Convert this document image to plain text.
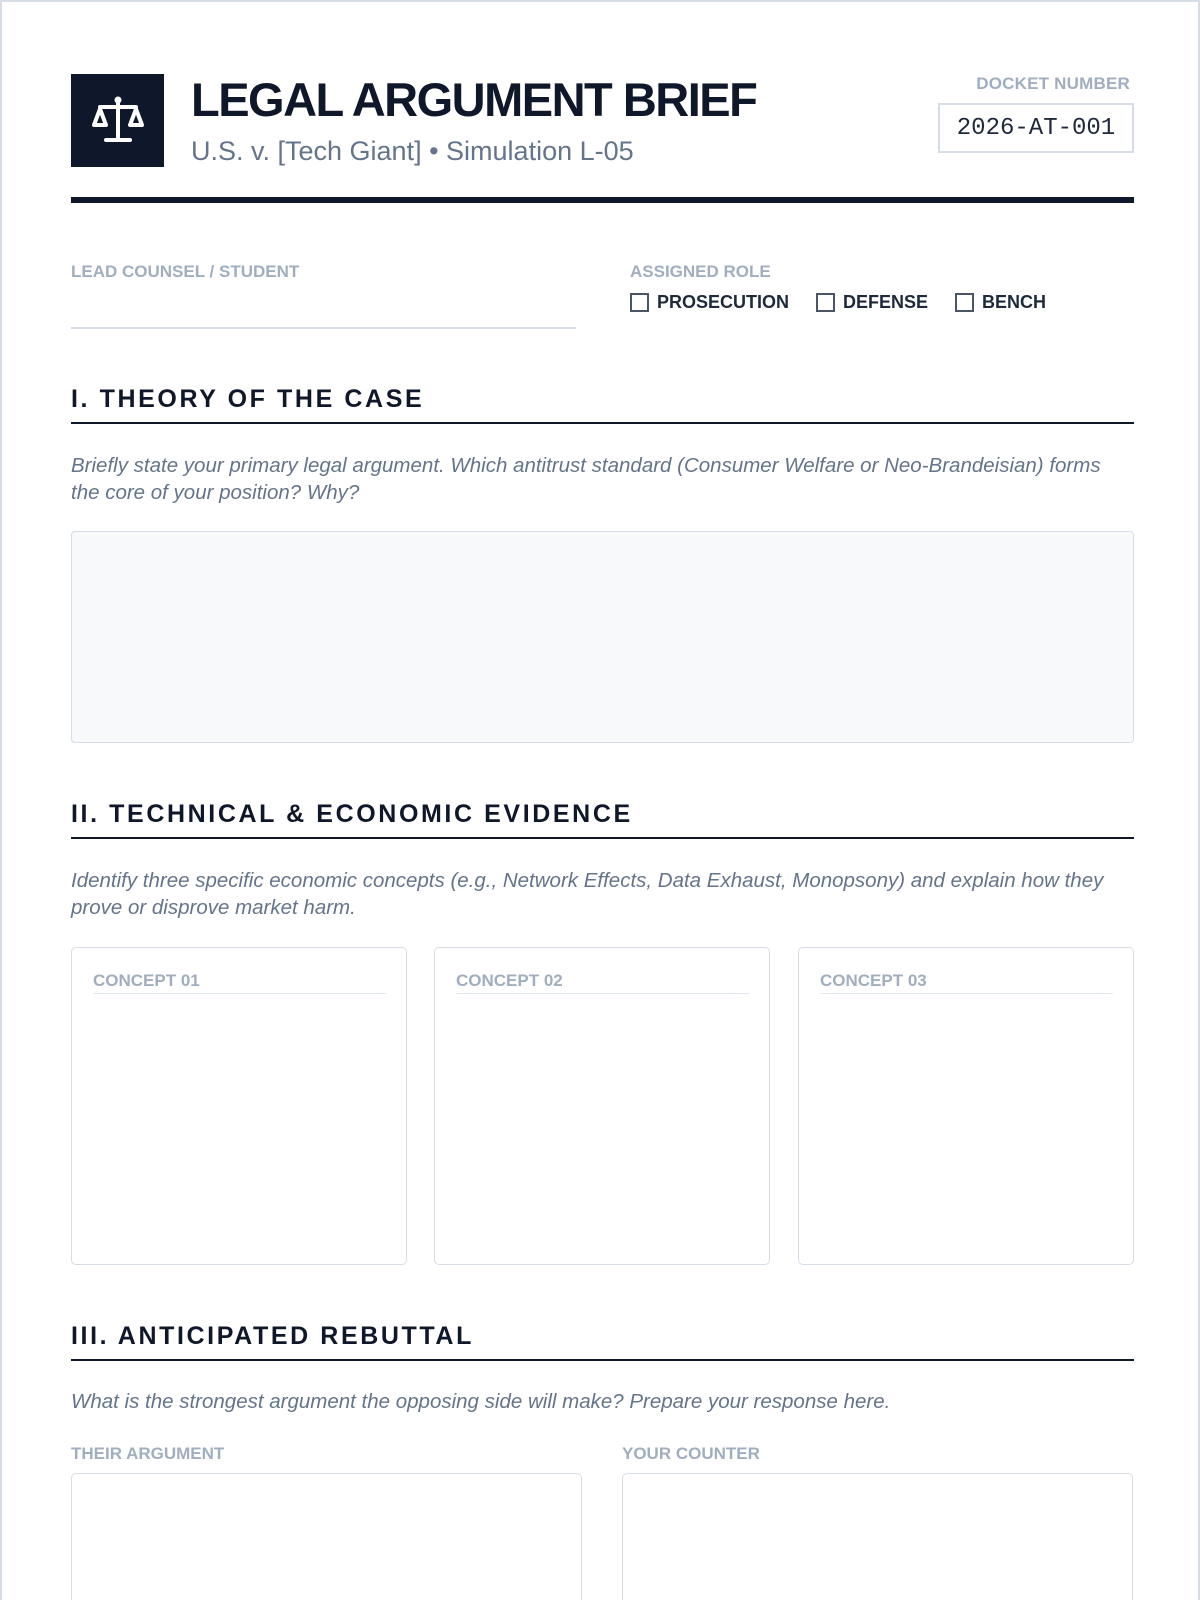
LEGAL ARGUMENT BRIEF
U.S. v. [Tech Giant] • Simulation L-05
DOCKET NUMBER
2026-AT-001
LEAD COUNSEL / STUDENT	ASSIGNED ROLE
PROSECUTION	DEFENSE	BENCH
I. THEORY OF THE CASE
Briefly state your primary legal argument. Which antitrust standard (Consumer Welfare or Neo-Brandeisian) forms the core of your position? Why?
II. TECHNICAL & ECONOMIC EVIDENCE
Identify three specific economic concepts (e.g., Network Effects, Data Exhaust, Monopsony) and explain how they prove or disprove market harm.
CONCEPT 01	CONCEPT 02	CONCEPT 03
III. ANTICIPATED REBUTTAL
What is the strongest argument the opposing side will make? Prepare your response here.
THEIR ARGUMENT	YOUR COUNTER
